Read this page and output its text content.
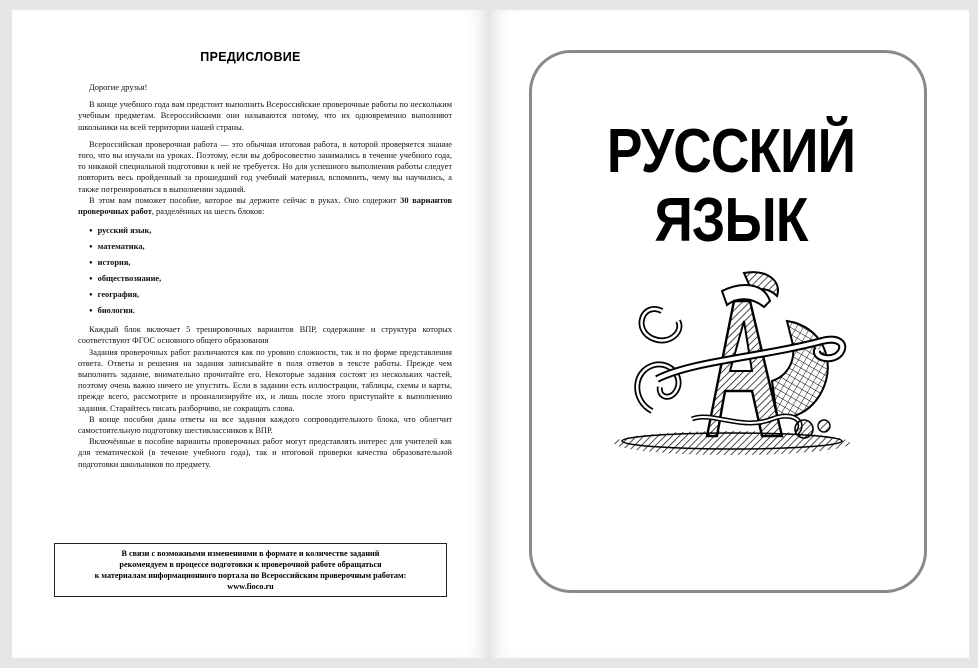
ПРЕДИСЛОВИЕ

Дорогие друзья!

В конце учебного года вам предстоит выполнить Всероссийские проверочные работы по нескольким учебным предметам. Всероссийскими они называются потому, что их одновременно выполняют школьники на всей территории нашей страны.

Всероссийская проверочная работа — это обычная итоговая работа, в которой проверяется знание того, что вы изучали на уроках. Поэтому, если вы добросовестно занимались в течение учебного года, то никакой специальной подготовки к ней не требуется. Но для успешного выполнения работы следует повторить весь пройденный за прошедший год учебный материал, вспомнить, чему вы научились, а также потренироваться в выполнении заданий.

В этом вам поможет пособие, которое вы держите сейчас в руках. Оно содержит 30 вариантов проверочных работ, разделённых на шесть блоков:

● русский язык,
● математика,
● история,
● обществознание,
● география,
● биология.

Каждый блок включает 5 тренировочных вариантов ВПР, содержание и структура которых соответствуют ФГОС основного общего образования

Задания проверочных работ различаются как по уровню сложности, так и по форме представления ответа. Ответы и решения на задания записывайте в поля ответов в тексте работы. Прежде чем выполнить задание, внимательно прочитайте его. Некоторые задания состоят из нескольких частей, поэтому очень важно ничего не упустить. Если в задании есть иллюстрации, таблицы, схемы и карты, прежде всего, рассмотрите и проанализируйте их, и лишь после этого приступайте к выполнению задания. Старайтесь писать разборчиво, не сокращать слова.

В конце пособия даны ответы на все задания каждого сопроводительного блока, что облегчит самостоятельную подготовку шестиклассников к ВПР.

Включённые в пособие варианты проверочных работ могут представлять интерес для учителей как для тематической (в течение учебного года), так и итоговой проверки качества образовательной подготовки школьников по предмету.

В связи с возможными изменениями в формате и количестве заданий
рекомендуем в процессе подготовки к проверочной работе обращаться
к материалам информационного портала по Всероссийским проверочным работам:
www.fioco.ru
РУССКИЙ
ЯЗЫК
